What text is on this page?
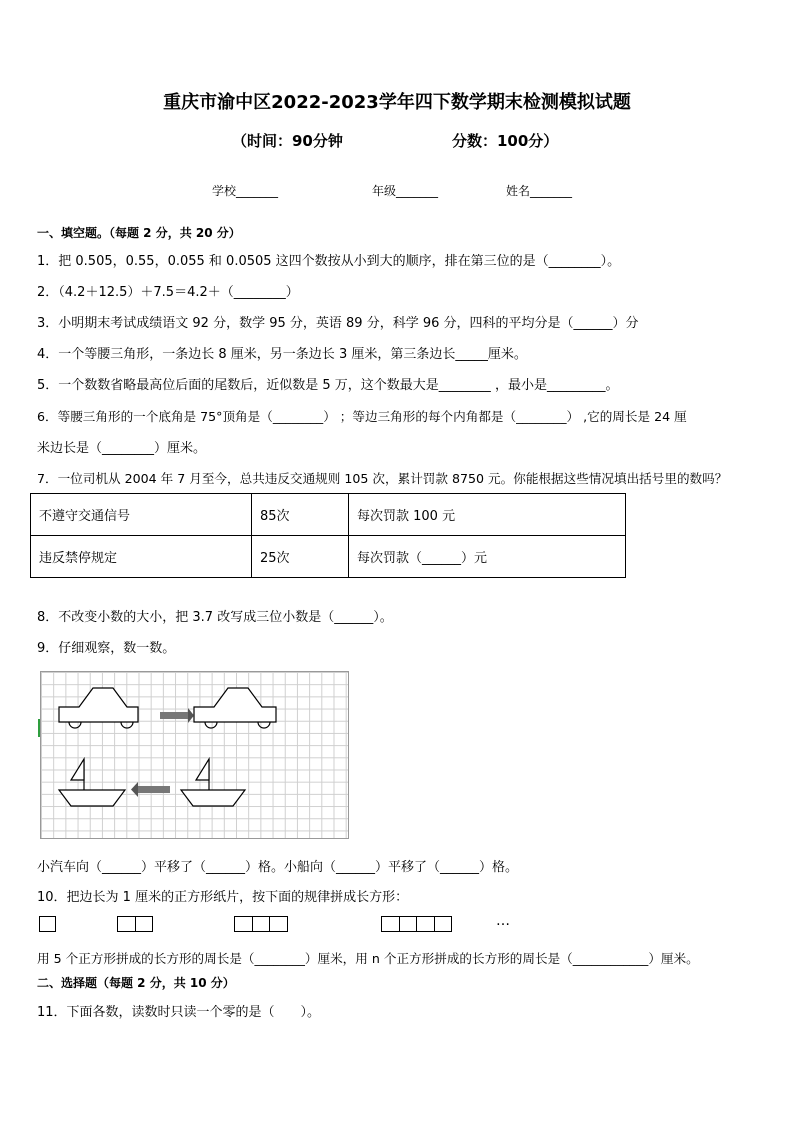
重庆市渝中区2022-2023学年四下数学期末检测模拟试题
（时间：90分钟	分数：100分）
学校_______	年级_______	姓名_______
一、填空题。（每题 2 分，共 20 分）
1．把 0.505，0.55，0.055 和 0.0505 这四个数按从小到大的顺序，排在第三位的是（________）。
2．（4.2＋12.5）＋7.5＝4.2＋（________）
3．小明期末考试成绩语文 92 分，数学 95 分，英语 89 分，科学 96 分，四科的平均分是（______）分
4．一个等腰三角形，一条边长 8 厘米，另一条边长 3 厘米，第三条边长_____厘米。
5．一个数数省略最高位后面的尾数后，近似数是 5 万，这个数最大是________ ，最小是_________。
6．等腰三角形的一个底角是 75°顶角是（________） ；等边三角形的每个内角都是（________） ,它的周长是 24 厘
米边长是（________）厘米。
7．一位司机从 2004 年 7 月至今，总共违反交通规则 105 次，累计罚款 8750 元。你能根据这些情况填出括号里的数吗？
不遵守交通信号	85次	每次罚款 100 元
违反禁停规定	25次	每次罚款（______）元
8．不改变小数的大小，把 3.7 改写成三位小数是（______）。
9．仔细观察，数一数。
小汽车向（______）平移了（______）格。小船向（______）平移了（______）格。
10．把边长为 1 厘米的正方形纸片，按下面的规律拼成长方形：
…
用 5 个正方形拼成的长方形的周长是（________）厘米，用 n 个正方形拼成的长方形的周长是（____________）厘米。
二、选择题（每题 2 分，共 10 分）
11．下面各数，读数时只读一个零的是（　　）。
